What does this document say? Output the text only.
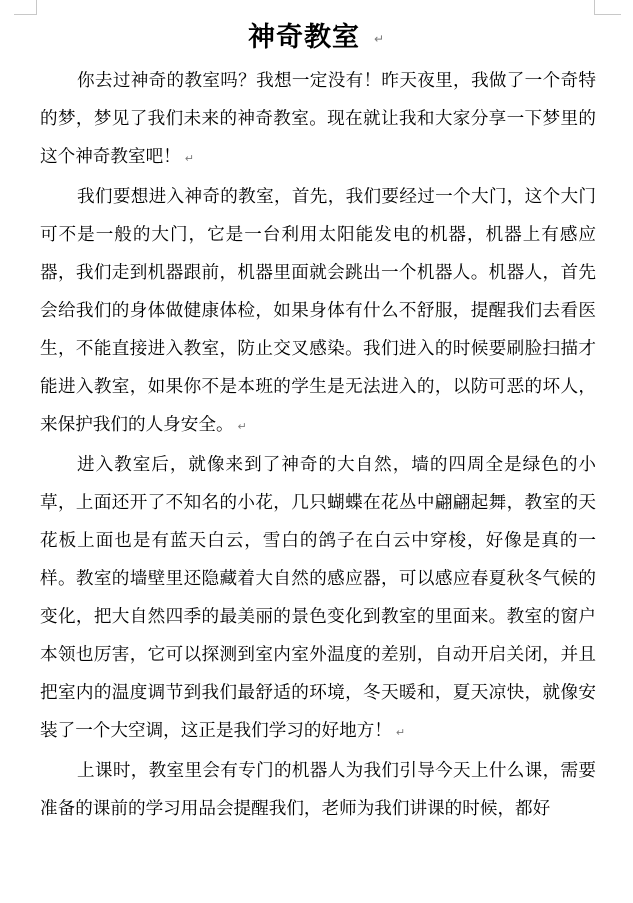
神奇教室 ↵

你去过神奇的教室吗？我想一定没有！昨天夜里，我做了一个奇特的梦，梦见了我们未来的神奇教室。现在就让我和大家分享一下梦里的这个神奇教室吧！ ↵

我们要想进入神奇的教室，首先，我们要经过一个大门，这个大门可不是一般的大门，它是一台利用太阳能发电的机器，机器上有感应器，我们走到机器跟前，机器里面就会跳出一个机器人。机器人，首先会给我们的身体做健康体检，如果身体有什么不舒服，提醒我们去看医生，不能直接进入教室，防止交叉感染。我们进入的时候要刷脸扫描才能进入教室，如果你不是本班的学生是无法进入的，以防可恶的坏人，来保护我们的人身安全。 ↵

进入教室后，就像来到了神奇的大自然，墙的四周全是绿色的小草，上面还开了不知名的小花，几只蝴蝶在花丛中翩翩起舞，教室的天花板上面也是有蓝天白云，雪白的鸽子在白云中穿梭，好像是真的一样。教室的墙壁里还隐藏着大自然的感应器，可以感应春夏秋冬气候的变化，把大自然四季的最美丽的景色变化到教室的里面来。教室的窗户本领也厉害，它可以探测到室内室外温度的差别，自动开启关闭，并且把室内的温度调节到我们最舒适的环境，冬天暖和，夏天凉快，就像安装了一个大空调，这正是我们学习的好地方！ ↵

上课时，教室里会有专门的机器人为我们引导今天上什么课，需要准备的课前的学习用品会提醒我们，老师为我们讲课的时候，都好
